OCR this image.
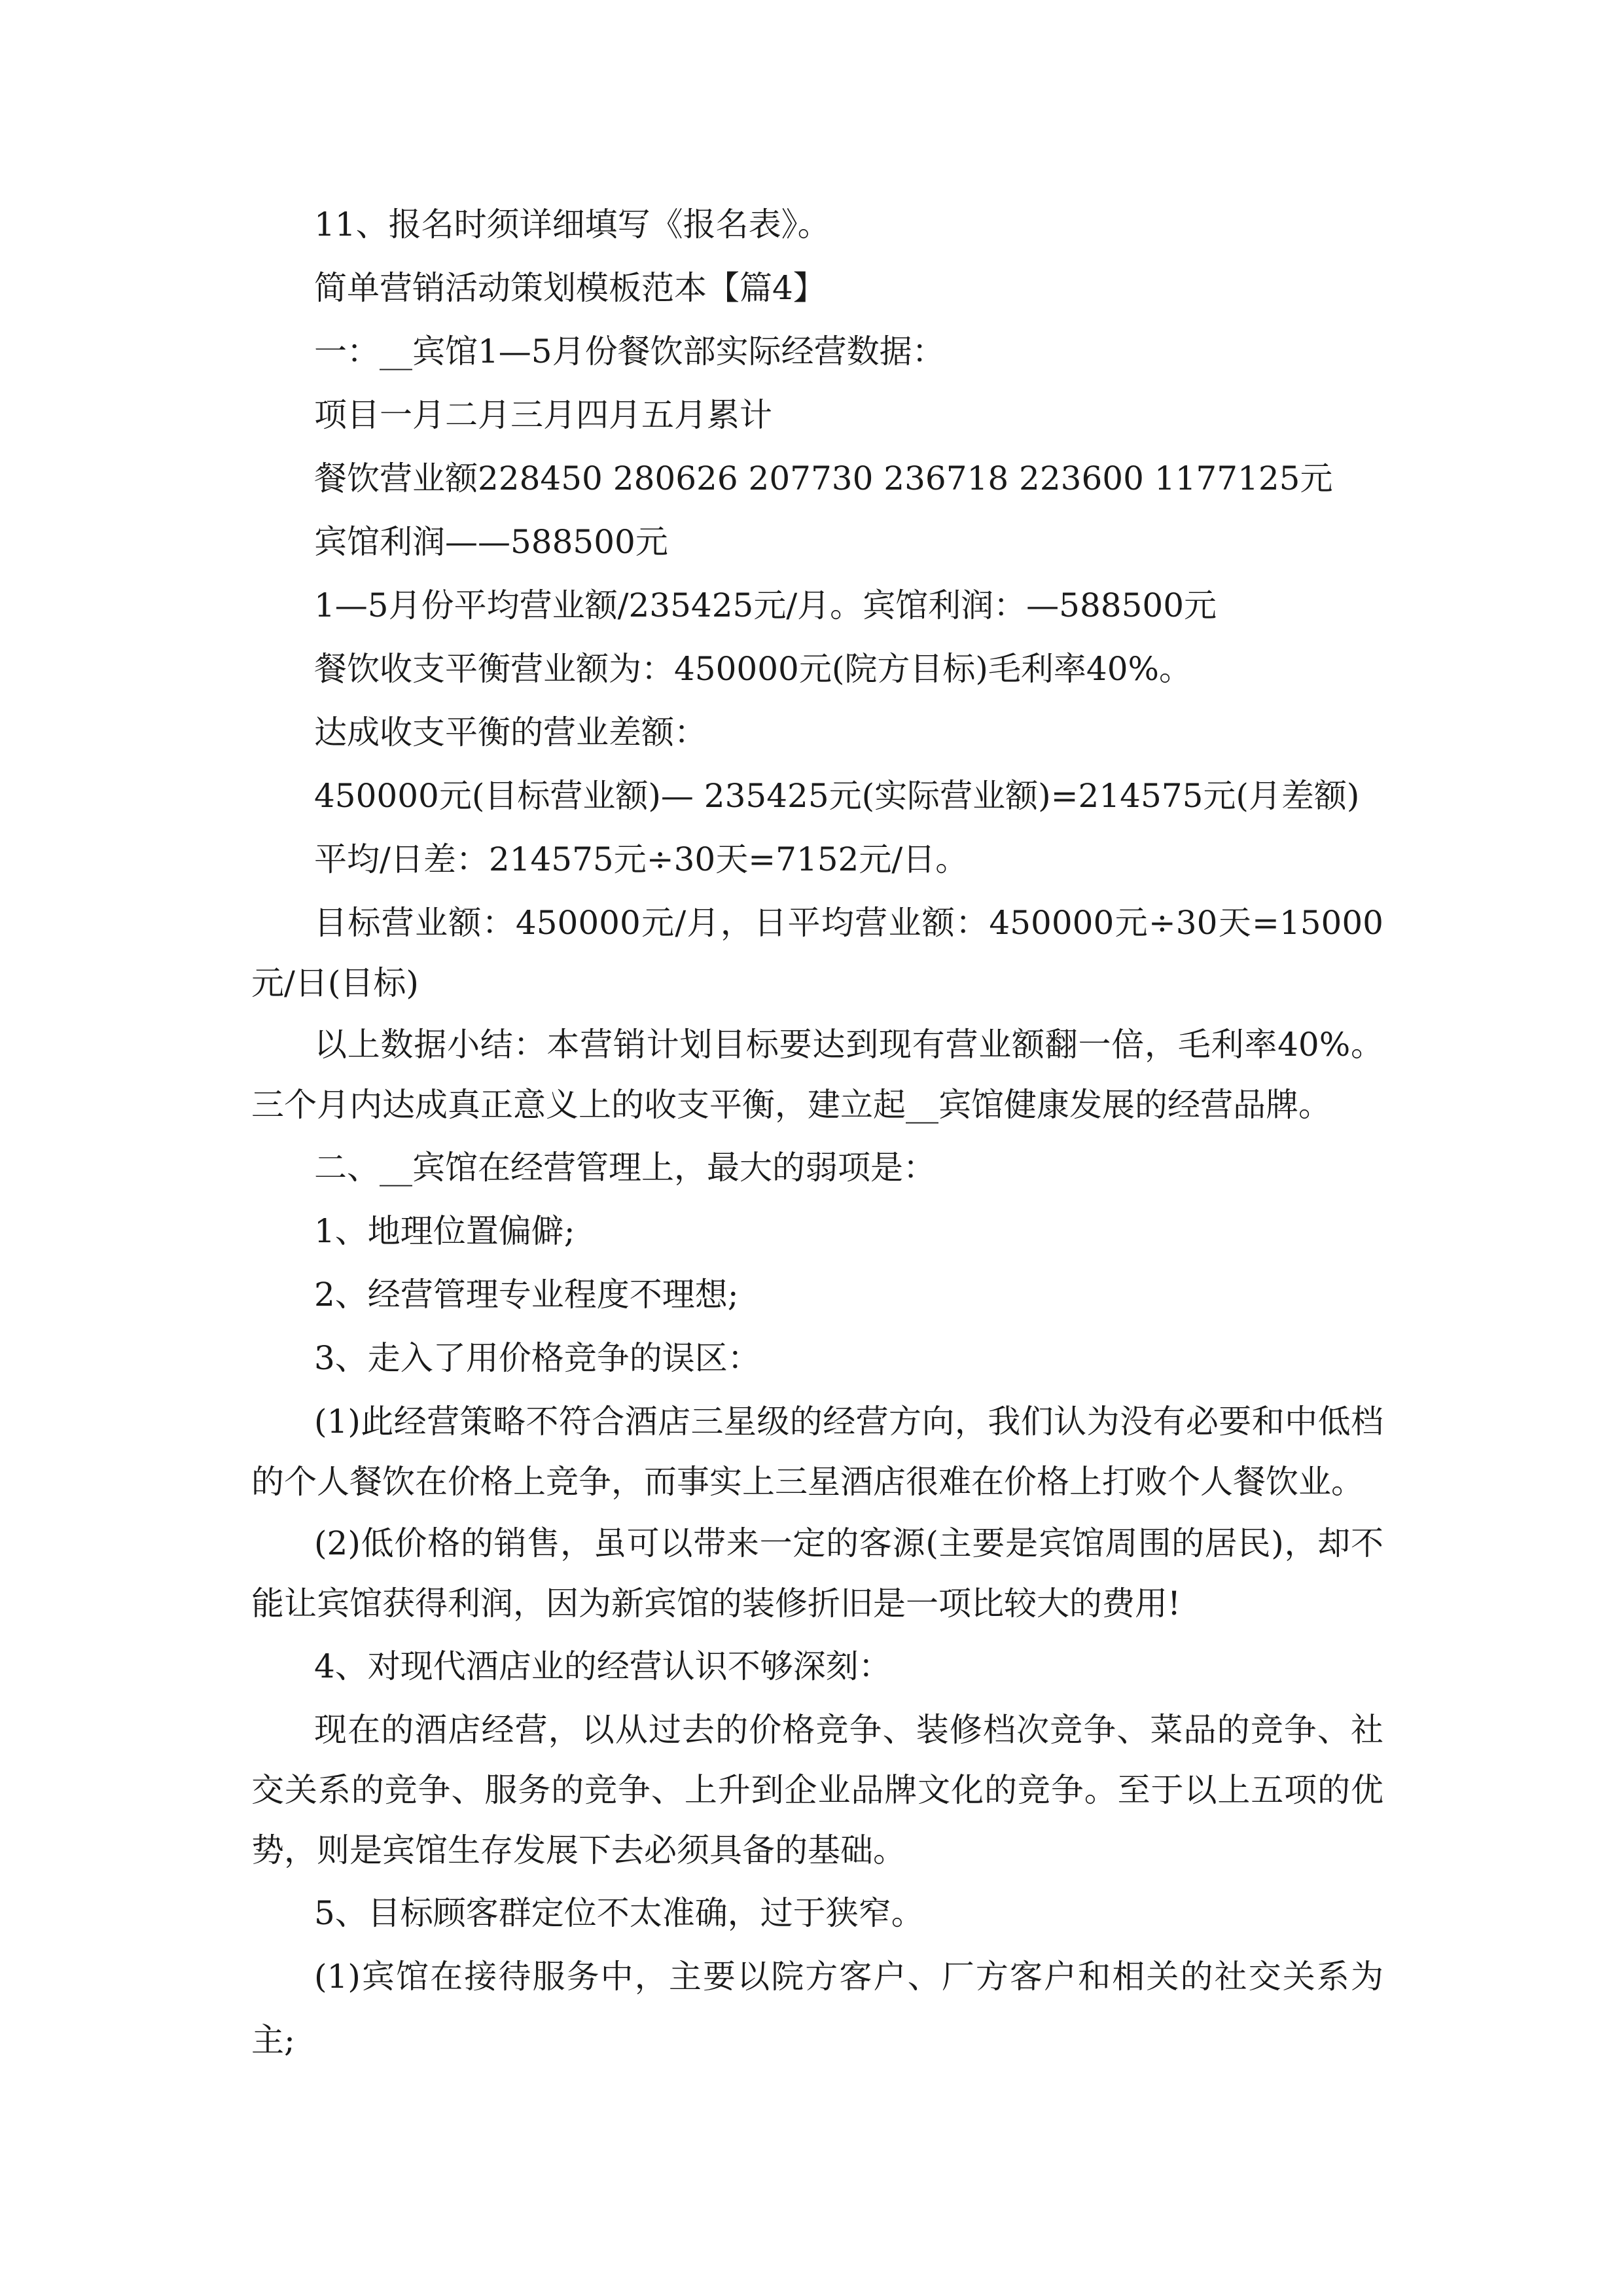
11、报名时须详细填写《报名表》。

简单营销活动策划模板范本【篇4】

一：__宾馆1—5月份餐饮部实际经营数据：

项目一月二月三月四月五月累计

餐饮营业额228450 280626 207730 236718 223600 1177125元

宾馆利润——588500元

1—5月份平均营业额/235425元/月。宾馆利润：—588500元

餐饮收支平衡营业额为：450000元(院方目标)毛利率40%。

达成收支平衡的营业差额：

450000元(目标营业额)— 235425元(实际营业额)=214575元(月差额)

平均/日差：214575元÷30天=7152元/日。

目标营业额：450000元/月，日平均营业额：450000元÷30天=15000元/日(目标)

以上数据小结：本营销计划目标要达到现有营业额翻一倍，毛利率40%。三个月内达成真正意义上的收支平衡，建立起__宾馆健康发展的经营品牌。

二、__宾馆在经营管理上，最大的弱项是：

1、地理位置偏僻;

2、经营管理专业程度不理想;

3、走入了用价格竞争的误区：

(1)此经营策略不符合酒店三星级的经营方向，我们认为没有必要和中低档的个人餐饮在价格上竞争，而事实上三星酒店很难在价格上打败个人餐饮业。

(2)低价格的销售，虽可以带来一定的客源(主要是宾馆周围的居民)，却不能让宾馆获得利润，因为新宾馆的装修折旧是一项比较大的费用!

4、对现代酒店业的经营认识不够深刻：

现在的酒店经营，以从过去的价格竞争、装修档次竞争、菜品的竞争、社交关系的竞争、服务的竞争、上升到企业品牌文化的竞争。至于以上五项的优势，则是宾馆生存发展下去必须具备的基础。

5、目标顾客群定位不太准确，过于狭窄。

(1)宾馆在接待服务中，主要以院方客户、厂方客户和相关的社交关系为主;
